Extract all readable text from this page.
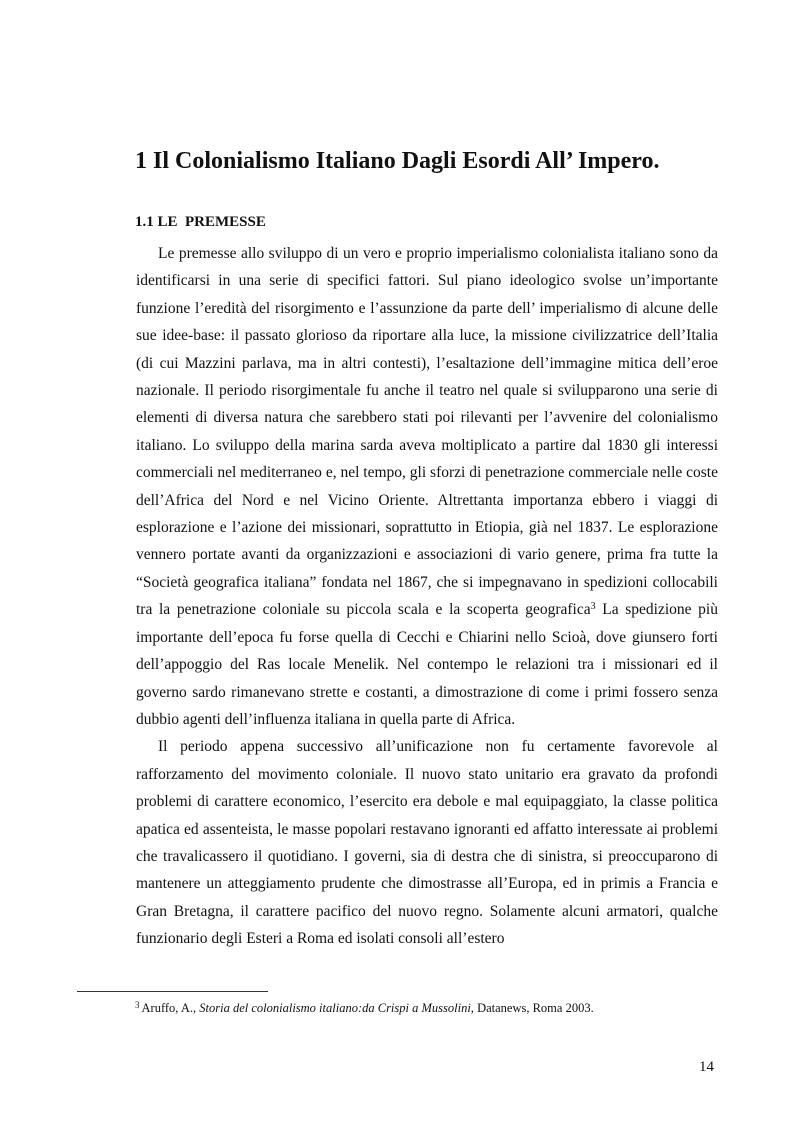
1 Il Colonialismo Italiano Dagli Esordi All’ Impero.
1.1 LE  PREMESSE

Le premesse allo sviluppo di un vero e proprio imperialismo colonialista italiano sono da identificarsi in una serie di specifici fattori. Sul piano ideologico svolse un’importante funzione l’eredità del risorgimento e l’assunzione da parte dell’ imperialismo di alcune delle sue idee-base: il passato glorioso da riportare alla luce, la missione civilizzatrice dell’Italia (di cui Mazzini parlava, ma in altri contesti), l’esaltazione dell’immagine mitica dell’eroe nazionale. Il periodo risorgimentale fu anche il teatro nel quale si svilupparono una serie di elementi di diversa natura che sarebbero stati poi rilevanti per l’avvenire del colonialismo italiano. Lo sviluppo della marina sarda aveva moltiplicato a partire dal 1830 gli interessi commerciali nel mediterraneo e, nel tempo, gli sforzi di penetrazione commerciale nelle coste dell’Africa del Nord e nel Vicino Oriente. Altrettanta importanza ebbero i viaggi di esplorazione e l’azione dei missionari, soprattutto in Etiopia, già nel 1837. Le esplorazione vennero portate avanti da organizzazioni e associazioni di vario genere, prima fra tutte la “Società geografica italiana” fondata nel 1867, che si impegnavano in spedizioni collocabili tra la penetrazione coloniale su piccola scala e la scoperta geografica$^3$ La spedizione più importante dell’epoca fu forse quella di Cecchi e Chiarini nello Scioà, dove giunsero forti dell’appoggio del Ras locale Menelik. Nel contempo le relazioni tra i missionari ed il governo sardo rimanevano strette e costanti, a dimostrazione di come i primi fossero senza dubbio agenti dell’influenza italiana in quella parte di Africa.

Il periodo appena successivo all’unificazione non fu certamente favorevole al rafforzamento del movimento coloniale. Il nuovo stato unitario era gravato da profondi problemi di carattere economico, l’esercito era debole e mal equipaggiato, la classe politica apatica ed assenteista, le masse popolari restavano ignoranti ed affatto interessate ai problemi che travalicassero il quotidiano. I governi, sia di destra che di sinistra, si preoccuparono di mantenere un atteggiamento prudente che dimostrasse all’Europa, ed in primis a Francia e Gran Bretagna, il carattere pacifico del nuovo regno. Solamente alcuni armatori, qualche funzionario degli Esteri a Roma ed isolati consoli all’estero

$^3$ Aruffo, A., Storia del colonialismo italiano:da Crispi a Mussolini, Datanews, Roma 2003.
14
